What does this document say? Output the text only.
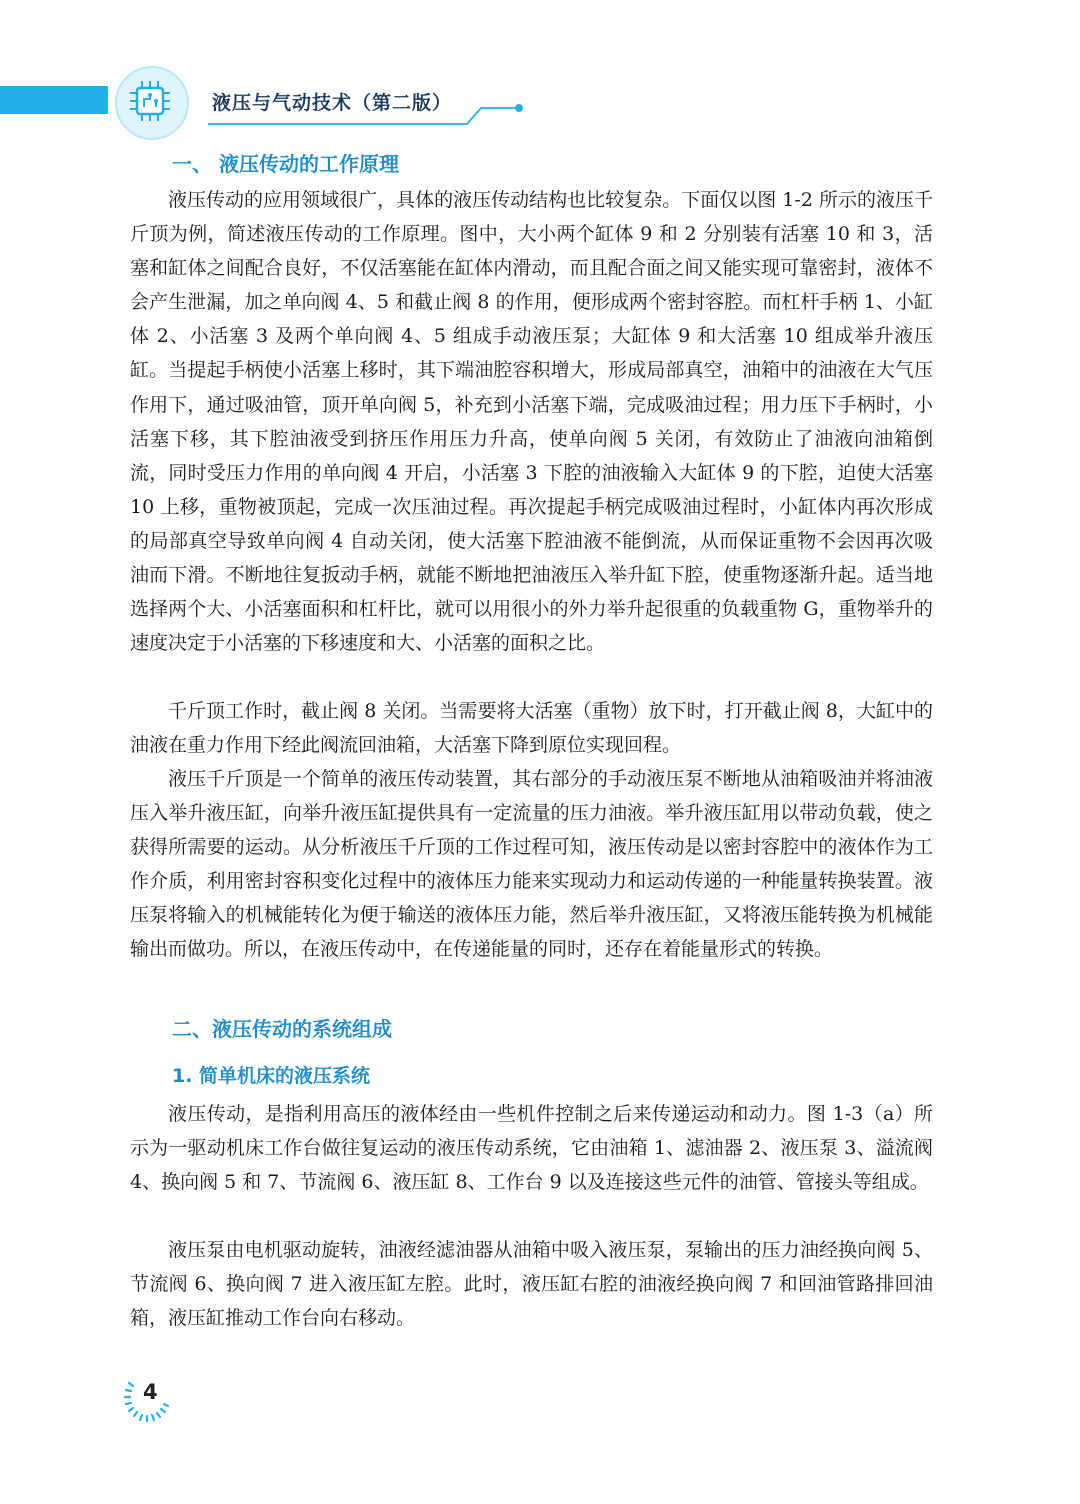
液压与气动技术（第二版）
一、 液压传动的工作原理

液压传动的应用领域很广，具体的液压传动结构也比较复杂。下面仅以图 1-2 所示的液压千斤顶为例，简述液压传动的工作原理。图中，大小两个缸体 9 和 2 分别装有活塞 10 和 3，活塞和缸体之间配合良好，不仅活塞能在缸体内滑动，而且配合面之间又能实现可靠密封，液体不会产生泄漏，加之单向阀 4、5 和截止阀 8 的作用，便形成两个密封容腔。而杠杆手柄 1、小缸体 2、小活塞 3 及两个单向阀 4、5 组成手动液压泵；大缸体 9 和大活塞 10 组成举升液压缸。当提起手柄使小活塞上移时，其下端油腔容积增大，形成局部真空，油箱中的油液在大气压作用下，通过吸油管，顶开单向阀 5，补充到小活塞下端，完成吸油过程；用力压下手柄时，小活塞下移，其下腔油液受到挤压作用压力升高，使单向阀 5 关闭，有效防止了油液向油箱倒流，同时受压力作用的单向阀 4 开启，小活塞 3 下腔的油液输入大缸体 9 的下腔，迫使大活塞 10 上移，重物被顶起，完成一次压油过程。再次提起手柄完成吸油过程时，小缸体内再次形成的局部真空导致单向阀 4 自动关闭，使大活塞下腔油液不能倒流，从而保证重物不会因再次吸油而下滑。不断地往复扳动手柄，就能不断地把油液压入举升缸下腔，使重物逐渐升起。适当地选择两个大、小活塞面积和杠杆比，就可以用很小的外力举升起很重的负载重物 G，重物举升的速度决定于小活塞的下移速度和大、小活塞的面积之比。

千斤顶工作时，截止阀 8 关闭。当需要将大活塞（重物）放下时，打开截止阀 8，大缸中的油液在重力作用下经此阀流回油箱，大活塞下降到原位实现回程。

液压千斤顶是一个简单的液压传动装置，其右部分的手动液压泵不断地从油箱吸油并将油液压入举升液压缸，向举升液压缸提供具有一定流量的压力油液。举升液压缸用以带动负载，使之获得所需要的运动。从分析液压千斤顶的工作过程可知，液压传动是以密封容腔中的液体作为工作介质，利用密封容积变化过程中的液体压力能来实现动力和运动传递的一种能量转换装置。液压泵将输入的机械能转化为便于输送的液体压力能，然后举升液压缸，又将液压能转换为机械能输出而做功。所以，在液压传动中，在传递能量的同时，还存在着能量形式的转换。

二、液压传动的系统组成
1. 简单机床的液压系统

液压传动，是指利用高压的液体经由一些机件控制之后来传递运动和动力。图 1-3（a）所示为一驱动机床工作台做往复运动的液压传动系统，它由油箱 1、滤油器 2、液压泵 3、溢流阀 4、换向阀 5 和 7、节流阀 6、液压缸 8、工作台 9 以及连接这些元件的油管、管接头等组成。

液压泵由电机驱动旋转，油液经滤油器从油箱中吸入液压泵，泵输出的压力油经换向阀 5、节流阀 6、换向阀 7 进入液压缸左腔。此时，液压缸右腔的油液经换向阀 7 和回油管路排回油箱，液压缸推动工作台向右移动。

4
